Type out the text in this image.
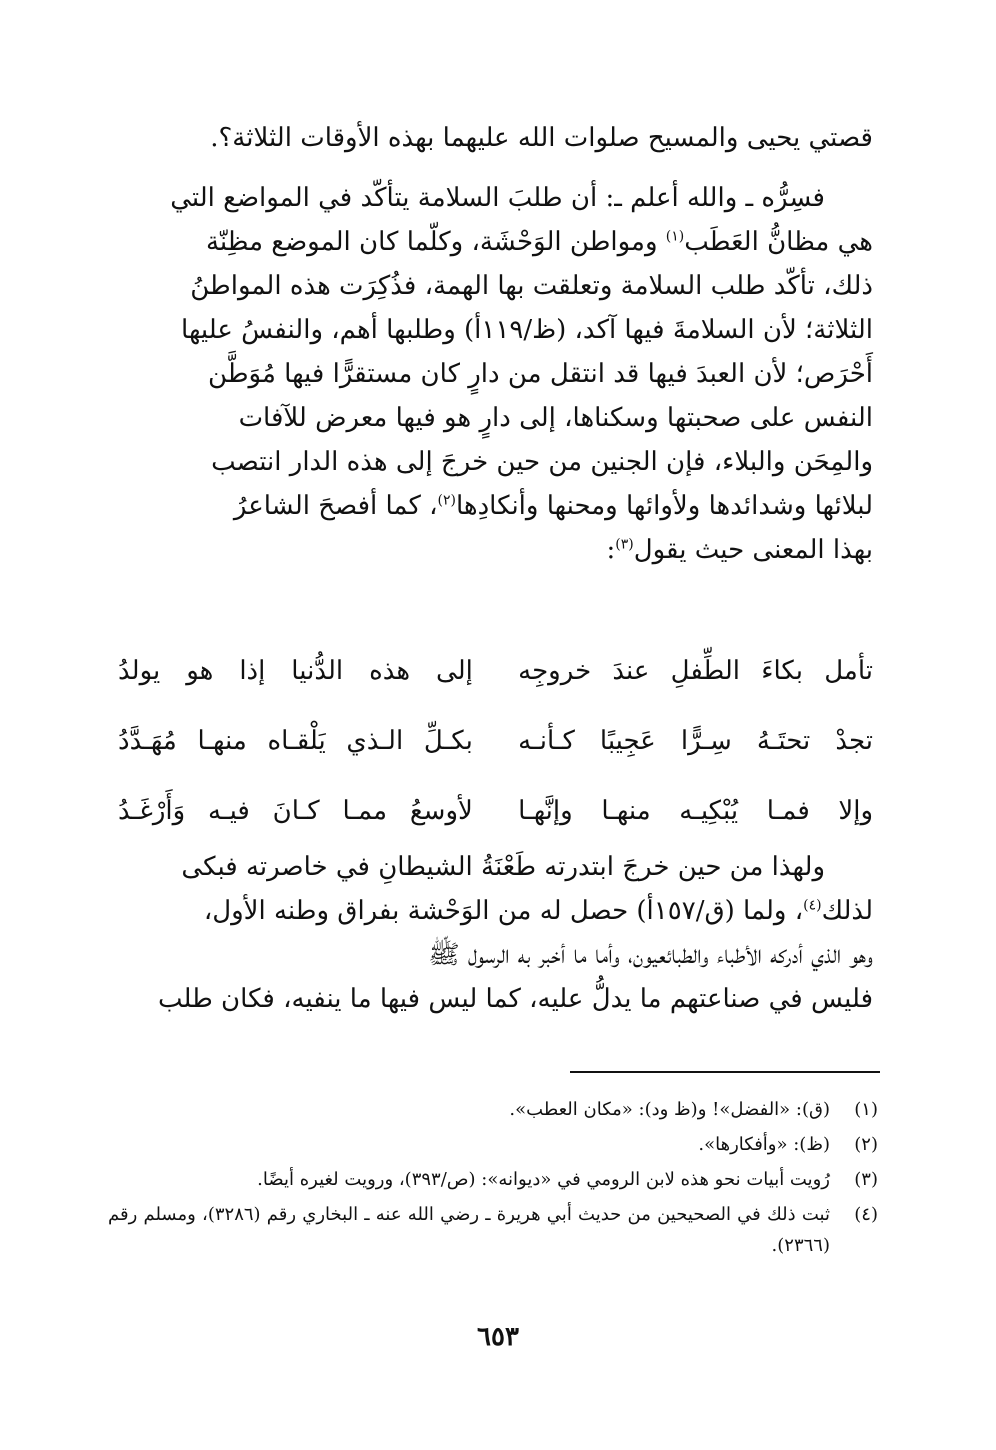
قصتي يحيى والمسيح صلوات الله عليهما بهذه الأوقات الثلاثة؟.

فسِرُّه ـ والله أعلم ـ: أن طلبَ السلامة يتأكّد في المواضع التي

هي مظانُّ العَطَب$^{(١)}$ ومواطن الوَحْشَة، وكلّما كان الموضع مظِنّة

ذلك، تأكّد طلب السلامة وتعلقت بها الهمة، فذُكِرَت هذه المواطنُ

الثلاثة؛ لأن السلامةَ فيها آكد، (ظ/١١٩أ) وطلبها أهم، والنفسُ عليها

أَحْرَص؛ لأن العبدَ فيها قد انتقل من دارٍ كان مستقرًّا فيها مُوَطَّن

النفس على صحبتها وسكناها، إلى دارٍ هو فيها معرض للآفات

والمِحَن والبلاء، فإن الجنين من حين خرجَ إلى هذه الدار انتصب

لبلائها وشدائدها ولأوائها ومحنها وأنكادِها$^{(٢)}$، كما أفصحَ الشاعرُ

بهذا المعنى حيث يقول$^{(٣)}$:

تأمل بكاءَ الطِّفلِ عندَ خروجِه
إلى هذه الدُّنيا إذا هو يولدُ
تجدْ تحتَـهُ سِـرًّا عَجِيبًا كـأنـه
بكـلِّ الـذي يَلْقـاه منهـا مُهَـدَّدُ
وإلا فمـا يُبْكِيـه منهـا وإنَّهـا
لأوسعُ ممـا كـانَ فيـه وَأَرْغَـدُ

ولهذا من حين خرجَ ابتدرته طَعْنَةُ الشيطانِ في خاصرته فبكى

لذلك$^{(٤)}$، ولما (ق/١٥٧أ) حصل له من الوَحْشة بفراق وطنه الأول،

وهو الذي أدركه الأطباء والطبائعيون، وأما ما أخبر به الرسول ﷺ

فليس في صناعتهم ما يدلُّ عليه، كما ليس فيها ما ينفيه، فكان طلب

(١)
(ق): «الفضل»! و(ظ ود): «مكان العطب».
(٢)
(ظ): «وأفكارها».
(٣)
رُويت أبيات نحو هذه لابن الرومي في «ديوانه»: (ص/٣٩٣)، ورويت لغيره أيضًا.
(٤)
ثبت ذلك في الصحيحين من حديث أبي هريرة ـ رضي الله عنه ـ البخاري رقم (٣٢٨٦)، ومسلم رقم (٢٣٦٦).
٦٥٣
